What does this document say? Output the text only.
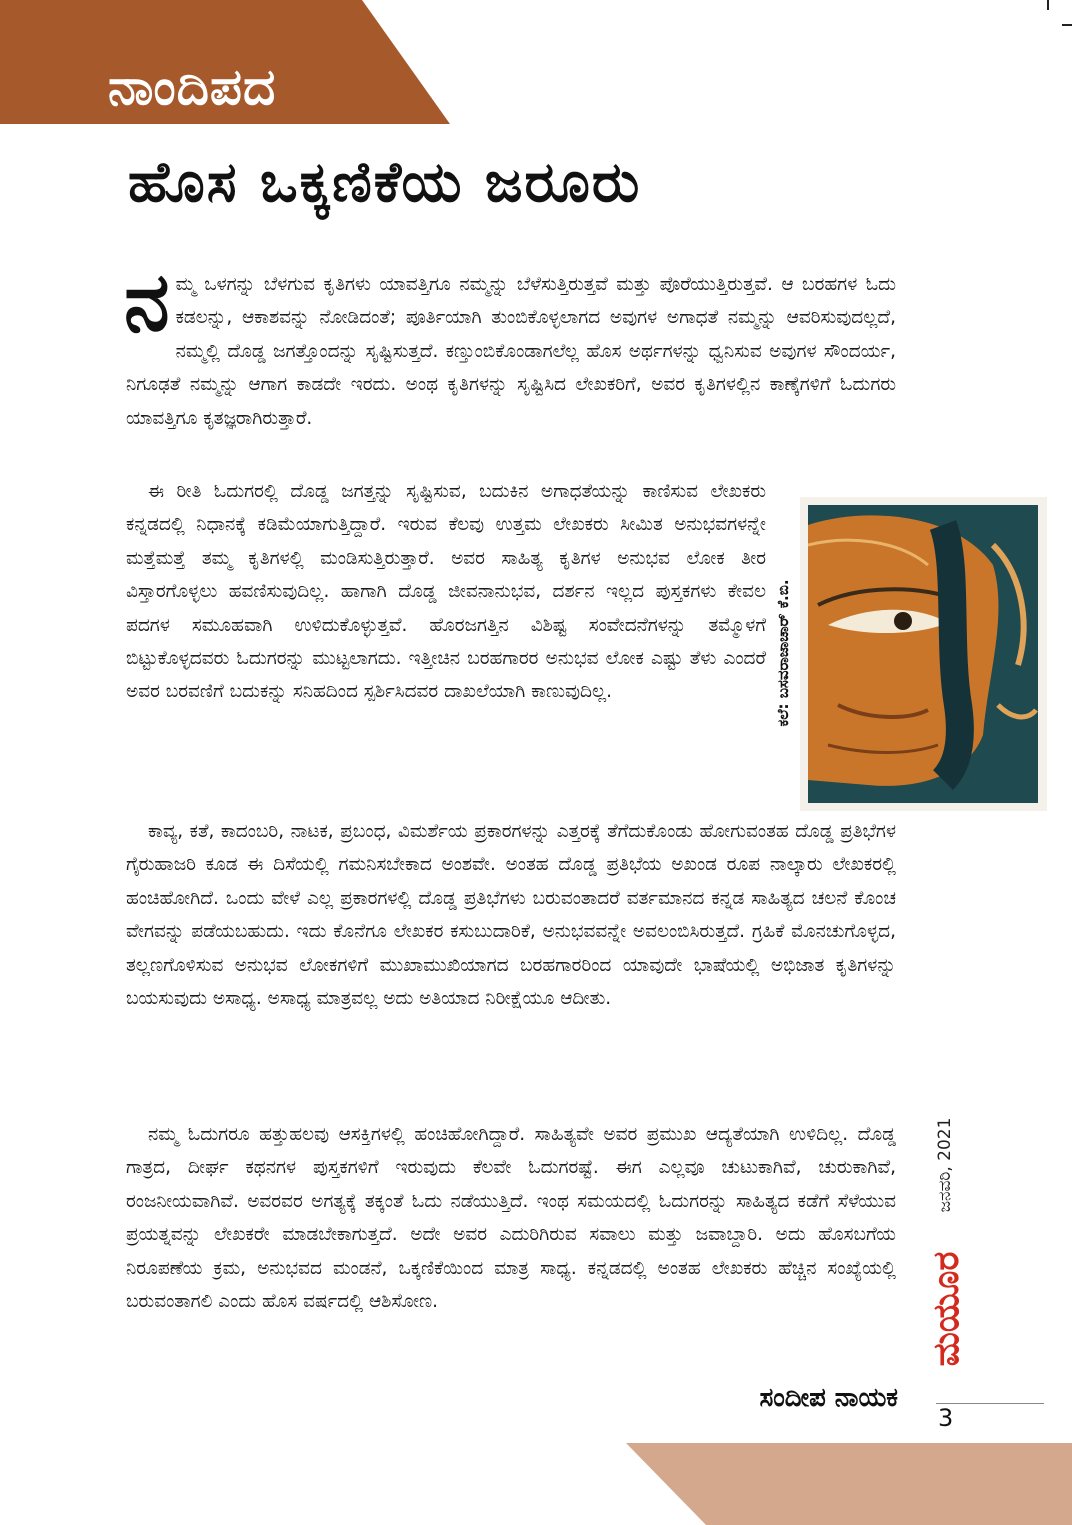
ನಾಂದಿಪದ
ಹೊಸ ಒಕ್ಕಣಿಕೆಯ ಜರೂರು
ನ ಮ್ಮ ಒಳಗನ್ನು ಬೆಳಗುವ ಕೃತಿಗಳು ಯಾವತ್ತಿಗೂ ನಮ್ಮನ್ನು ಬೆಳೆಸುತ್ತಿರುತ್ತವೆ ಮತ್ತು ಪೊರೆಯುತ್ತಿರುತ್ತವೆ. ಆ ಬರಹಗಳ ಓದು ಕಡಲನ್ನು, ಆಕಾಶವನ್ನು ನೋಡಿದಂತೆ; ಪೂರ್ತಿಯಾಗಿ ತುಂಬಿಕೊಳ್ಳಲಾಗದ ಅವುಗಳ ಅಗಾಧತೆ ನಮ್ಮನ್ನು ಆವರಿಸುವುದಲ್ಲದೆ, ನಮ್ಮಲ್ಲಿ ದೊಡ್ಡ ಜಗತ್ತೊಂದನ್ನು ಸೃಷ್ಟಿಸುತ್ತದೆ. ಕಣ್ತುಂಬಿಕೊಂಡಾಗಲೆಲ್ಲ ಹೊಸ ಅರ್ಥಗಳನ್ನು ಧ್ವನಿಸುವ ಅವುಗಳ ಸೌಂದರ್ಯ, ನಿಗೂಢತೆ ನಮ್ಮನ್ನು ಆಗಾಗ ಕಾಡದೇ ಇರದು. ಅಂಥ ಕೃತಿಗಳನ್ನು ಸೃಷ್ಟಿಸಿದ ಲೇಖಕರಿಗೆ, ಅವರ ಕೃತಿಗಳಲ್ಲಿನ ಕಾಣ್ಕೆಗಳಿಗೆ ಓದುಗರು ಯಾವತ್ತಿಗೂ ಕೃತಜ್ಞರಾಗಿರುತ್ತಾರೆ.
ಈ ರೀತಿ ಓದುಗರಲ್ಲಿ ದೊಡ್ಡ ಜಗತ್ತನ್ನು ಸೃಷ್ಟಿಸುವ, ಬದುಕಿನ ಅಗಾಧತೆಯನ್ನು ಕಾಣಿಸುವ ಲೇಖಕರು ಕನ್ನಡದಲ್ಲಿ ನಿಧಾನಕ್ಕೆ ಕಡಿಮೆಯಾಗುತ್ತಿದ್ದಾರೆ. ಇರುವ ಕೆಲವು ಉತ್ತಮ ಲೇಖಕರು ಸೀಮಿತ ಅನುಭವಗಳನ್ನೇ ಮತ್ತೆಮತ್ತೆ ತಮ್ಮ ಕೃತಿಗಳಲ್ಲಿ ಮಂಡಿಸುತ್ತಿರುತ್ತಾರೆ. ಅವರ ಸಾಹಿತ್ಯ ಕೃತಿಗಳ ಅನುಭವ ಲೋಕ ತೀರ ವಿಸ್ತಾರಗೊಳ್ಳಲು ಹವಣಿಸುವುದಿಲ್ಲ. ಹಾಗಾಗಿ ದೊಡ್ಡ ಜೀವನಾನುಭವ, ದರ್ಶನ ಇಲ್ಲದ ಪುಸ್ತಕಗಳು ಕೇವಲ ಪದಗಳ ಸಮೂಹವಾಗಿ ಉಳಿದುಕೊಳ್ಳುತ್ತವೆ. ಹೊರಜಗತ್ತಿನ ವಿಶಿಷ್ಟ ಸಂವೇದನೆಗಳನ್ನು ತಮ್ಮೊಳಗೆ ಬಿಟ್ಟುಕೊಳ್ಳದವರು ಓದುಗರನ್ನು ಮುಟ್ಟಲಾಗದು. ಇತ್ತೀಚಿನ ಬರಹಗಾರರ ಅನುಭವ ಲೋಕ ಎಷ್ಟು ತೆಳು ಎಂದರೆ ಅವರ ಬರವಣಿಗೆ ಬದುಕನ್ನು ಸನಿಹದಿಂದ ಸ್ಪರ್ಶಿಸಿದವರ ದಾಖಲೆಯಾಗಿ ಕಾಣುವುದಿಲ್ಲ.	ಕಲೆ: ಬಸವರಾಜಾಚಾರ್ ಕೆ.ಬಿ.
ಕಾವ್ಯ, ಕತೆ, ಕಾದಂಬರಿ, ನಾಟಕ, ಪ್ರಬಂಧ, ವಿಮರ್ಶೆಯ ಪ್ರಕಾರಗಳನ್ನು ಎತ್ತರಕ್ಕೆ ತೆಗೆದುಕೊಂಡು ಹೋಗುವಂತಹ ದೊಡ್ಡ ಪ್ರತಿಭೆಗಳ ಗೈರುಹಾಜರಿ ಕೂಡ ಈ ದಿಸೆಯಲ್ಲಿ ಗಮನಿಸಬೇಕಾದ ಅಂಶವೇ. ಅಂತಹ ದೊಡ್ಡ ಪ್ರತಿಭೆಯ ಅಖಂಡ ರೂಪ ನಾಲ್ಕಾರು ಲೇಖಕರಲ್ಲಿ ಹಂಚಿಹೋಗಿದೆ. ಒಂದು ವೇಳೆ ಎಲ್ಲ ಪ್ರಕಾರಗಳಲ್ಲಿ ದೊಡ್ಡ ಪ್ರತಿಭೆಗಳು ಬರುವಂತಾದರೆ ವರ್ತಮಾನದ ಕನ್ನಡ ಸಾಹಿತ್ಯದ ಚಲನೆ ಕೊಂಚ ವೇಗವನ್ನು ಪಡೆಯಬಹುದು. ಇದು ಕೊನೆಗೂ ಲೇಖಕರ ಕಸುಬುದಾರಿಕೆ, ಅನುಭವವನ್ನೇ ಅವಲಂಬಿಸಿರುತ್ತದೆ. ಗ್ರಹಿಕೆ ಮೊನಚುಗೊಳ್ಳದ, ತಲ್ಲಣಗೊಳಿಸುವ ಅನುಭವ ಲೋಕಗಳಿಗೆ ಮುಖಾಮುಖಿಯಾಗದ ಬರಹಗಾರರಿಂದ ಯಾವುದೇ ಭಾಷೆಯಲ್ಲಿ ಅಭಿಜಾತ ಕೃತಿಗಳನ್ನು ಬಯಸುವುದು ಅಸಾಧ್ಯ. ಅಸಾಧ್ಯ ಮಾತ್ರವಲ್ಲ ಅದು ಅತಿಯಾದ ನಿರೀಕ್ಷೆಯೂ ಆದೀತು.
ನಮ್ಮ ಓದುಗರೂ ಹತ್ತುಹಲವು ಆಸಕ್ತಿಗಳಲ್ಲಿ ಹಂಚಿಹೋಗಿದ್ದಾರೆ. ಸಾಹಿತ್ಯವೇ ಅವರ ಪ್ರಮುಖ ಆದ್ಯತೆಯಾಗಿ ಉಳಿದಿಲ್ಲ. ದೊಡ್ಡ ಗಾತ್ರದ, ದೀರ್ಘ ಕಥನಗಳ ಪುಸ್ತಕಗಳಿಗೆ ಇರುವುದು ಕೆಲವೇ ಓದುಗರಷ್ಟೆ. ಈಗ ಎಲ್ಲವೂ ಚುಟುಕಾಗಿವೆ, ಚುರುಕಾಗಿವೆ, ರಂಜನೀಯವಾಗಿವೆ. ಅವರವರ ಅಗತ್ಯಕ್ಕೆ ತಕ್ಕಂತೆ ಓದು ನಡೆಯುತ್ತಿದೆ. ಇಂಥ ಸಮಯದಲ್ಲಿ ಓದುಗರನ್ನು ಸಾಹಿತ್ಯದ ಕಡೆಗೆ ಸೆಳೆಯುವ ಪ್ರಯತ್ನವನ್ನು ಲೇಖಕರೇ ಮಾಡಬೇಕಾಗುತ್ತದೆ. ಅದೇ ಅವರ ಎದುರಿಗಿರುವ ಸವಾಲು ಮತ್ತು ಜವಾಬ್ದಾರಿ. ಅದು ಹೊಸಬಗೆಯ ನಿರೂಪಣೆಯ ಕ್ರಮ, ಅನುಭವದ ಮಂಡನೆ, ಒಕ್ಕಣಿಕೆಯಿಂದ ಮಾತ್ರ ಸಾಧ್ಯ. ಕನ್ನಡದಲ್ಲಿ ಅಂತಹ ಲೇಖಕರು ಹೆಚ್ಚಿನ ಸಂಖ್ಯೆಯಲ್ಲಿ ಬರುವಂತಾಗಲಿ ಎಂದು ಹೊಸ ವರ್ಷದಲ್ಲಿ ಆಶಿಸೋಣ.
ಸಂದೀಪ ನಾಯಕ
ಜನವರಿ, 2021
ಮಯೂರ
3
